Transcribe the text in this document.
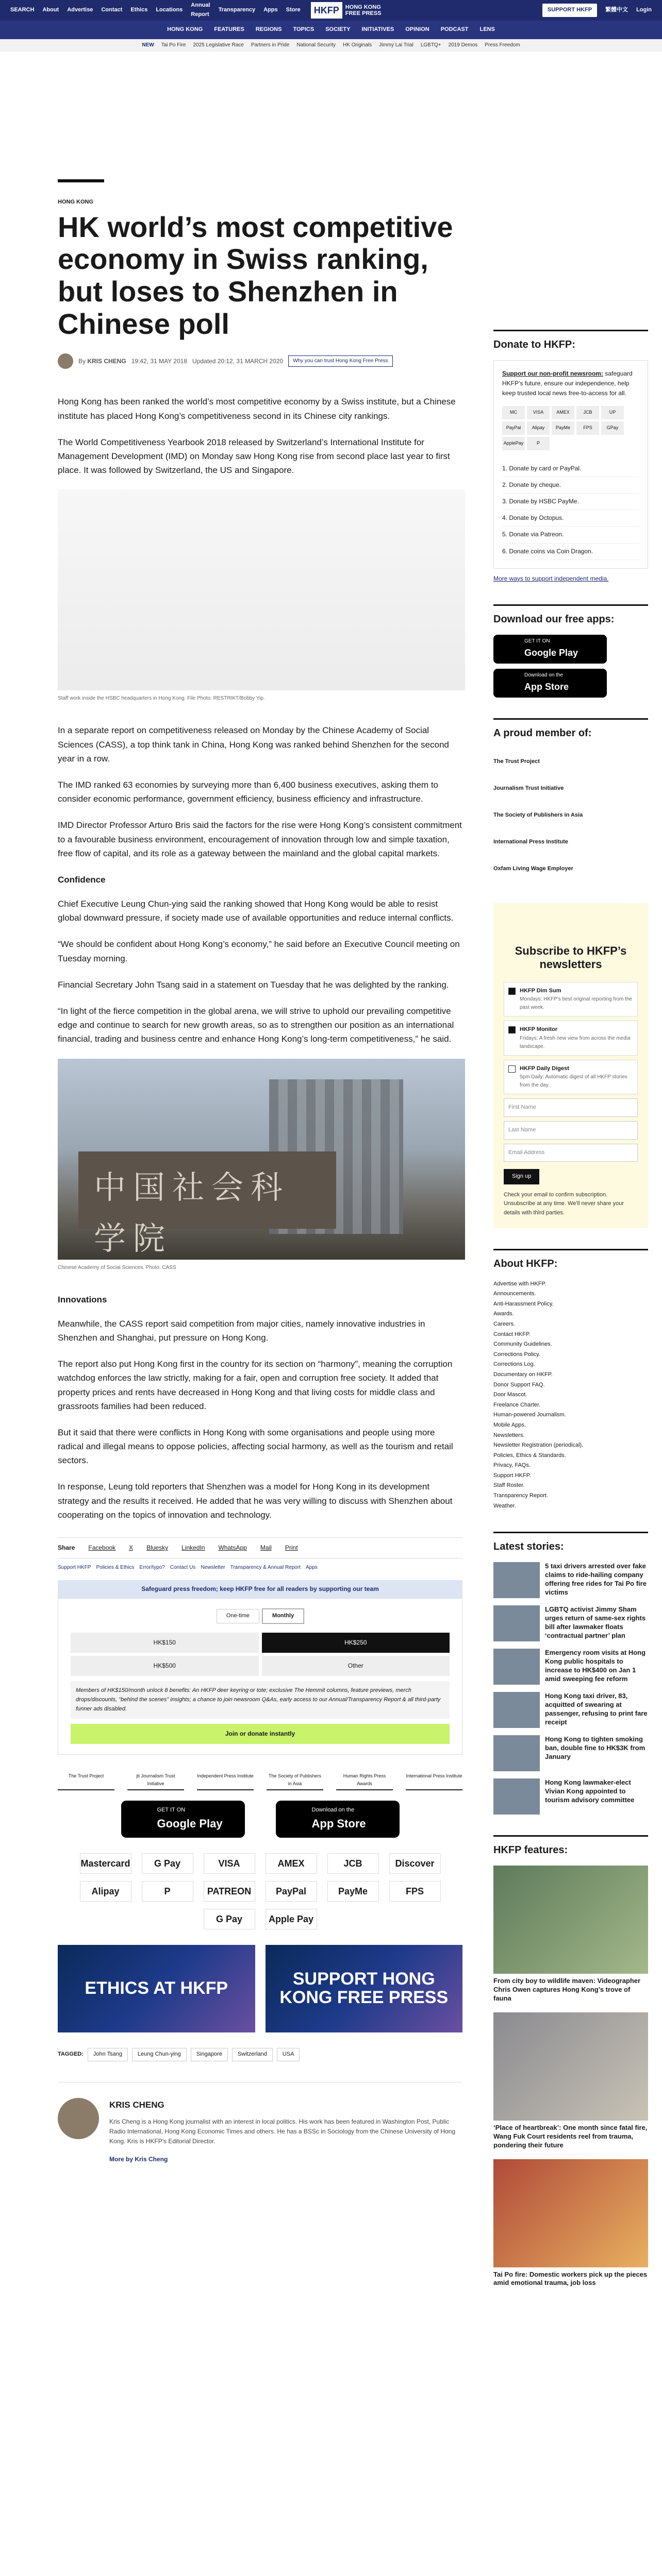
SEARCH About Advertise Contact Ethics Locations
Annual Report
Transparency Apps Store	HKFP	HONG KONG
FREE PRESS
SUPPORT HKFP	繁體中文 Login
HONG KONG FEATURES REGIONS TOPICS SOCIETY INITIATIVES OPINION PODCAST LENS
NEW Tai Po Fire 2025 Legislative Race Partners in Pride National Security HK Originals Jimmy Lai Trial LGBTQ+ 2019 Demos Press Freedom
HONG KONG
HK world’s most competitive economy in Swiss ranking, but loses to Shenzhen in Chinese poll
By KRIS CHENG 19:42, 31 MAY 2018 Updated 20:12, 31 MARCH 2020	Why you can trust Hong Kong Free Press

Hong Kong has been ranked the world’s most competitive economy by a Swiss institute, but a Chinese institute has placed Hong Kong’s competitiveness second in its Chinese city rankings.

The World Competitiveness Yearbook 2018 released by Switzerland’s International Institute for Management Development (IMD) on Monday saw Hong Kong rise from second place last year to first place. It was followed by Switzerland, the US and Singapore.

Staff work inside the HSBC headquarters in Hong Kong. File Photo: RESTRIKT/Bobby Yip.

In a separate report on competitiveness released on Monday by the Chinese Academy of Social Sciences (CASS), a top think tank in China, Hong Kong was ranked behind Shenzhen for the second year in a row.

The IMD ranked 63 economies by surveying more than 6,400 business executives, asking them to consider economic performance, government efficiency, business efficiency and infrastructure.

IMD Director Professor Arturo Bris said the factors for the rise were Hong Kong’s consistent commitment to a favourable business environment, encouragement of innovation through low and simple taxation, free flow of capital, and its role as a gateway between the mainland and the global capital markets.

Confidence

Chief Executive Leung Chun-ying said the ranking showed that Hong Kong would be able to resist global downward pressure, if society made use of available opportunities and reduce internal conflicts.

“We should be confident about Hong Kong’s economy,” he said before an Executive Council meeting on Tuesday morning.

Financial Secretary John Tsang said in a statement on Tuesday that he was delighted by the ranking.

“In light of the fierce competition in the global arena, we will strive to uphold our prevailing competitive edge and continue to search for new growth areas, so as to strengthen our position as an international financial, trading and business centre and enhance Hong Kong’s long-term competitiveness,” he said.

中国社会科学院
Chinese Academy of Social Sciences. Photo: CASS
Innovations

Meanwhile, the CASS report said competition from major cities, namely innovative industries in Shenzhen and Shanghai, put pressure on Hong Kong.

The report also put Hong Kong first in the country for its section on “harmony”, meaning the corruption watchdog enforces the law strictly, making for a fair, open and corruption free society. It added that property prices and rents have decreased in Hong Kong and that living costs for middle class and grassroots families had been reduced.

But it said that there were conflicts in Hong Kong with some organisations and people using more radical and illegal means to oppose policies, affecting social harmony, as well as the tourism and retail sectors.

In response, Leung told reporters that Shenzhen was a model for Hong Kong in its development strategy and the results it received. He added that he was very willing to discuss with Shenzhen about cooperating on the topics of innovation and technology.

Share Facebook X Bluesky LinkedIn WhatsApp Mail Print
Support HKFP Policies & Ethics Error/typo? Contact Us Newsletter Transparency & Annual Report Apps
Safeguard press freedom; keep HKFP free for all readers by supporting our team
One-time	Monthly
HK$150	HK$250
HK$500	Other
Members of HK$150/month unlock 8 benefits: An HKFP deer keyring or tote; exclusive The Hemmit columns, feature previews, merch drops/discounts, "behind the scenes" insights; a chance to join newsroom Q&As, early access to our Annual/Transparency Report & all third-party funner ads disabled.
Join or donate instantly
The Trust Project	jti Journalism Trust Initiative
Independent Press Institute	The Society of Publishers in Asia
Human Rights Press Awards
International Press Institute
GET IT ON
Google Play
Download on the
App Store
Mastercard	G Pay	VISA	AMEX	JCB	Discover
Alipay	P	PATREON	PayPal	PayMe	FPS
G Pay	Apple Pay
ETHICS AT HKFP	SUPPORT HONG KONG FREE PRESS
TAGGED:	John Tsang	Leung Chun-ying	Singapore	Switzerland	USA
KRIS CHENG

Kris Cheng is a Hong Kong journalist with an interest in local politics. His work has been featured in Washington Post, Public Radio International, Hong Kong Economic Times and others. He has a BSSc in Sociology from the Chinese University of Hong Kong. Kris is HKFP's Editorial Director.

More by Kris Cheng
Donate to HKFP:
Support our non-profit newsroom: safeguard HKFP’s future, ensure our independence, help keep trusted local news free-to-access for all.
MC	VISA	AMEX	JCB	UP
PayPal	Alipay	PayMe	FPS	GPay
ApplePay	P
1. Donate by card or PayPal.
2. Donate by cheque.
3. Donate by HSBC PayMe.
4. Donate by Octopus.
5. Donate via Patreon.
6. Donate coins via Coin Dragon.
More ways to support independent media.
Download our free apps:
GET IT ON
Google Play
Download on the
App Store
A proud member of:
The Trust Project
Journalism Trust Initiative
The Society of Publishers in Asia
International Press Institute
Oxfam Living Wage Employer
Subscribe to HKFP’s newsletters
HKFP Dim Sum
Mondays: HKFP's best original reporting from the past week.
HKFP Monitor
Fridays: A fresh new view from across the media landscape.
HKFP Daily Digest
5pm Daily: Automatic digest of all HKFP stories from the day.
First Name
Last Name
Email Address
Sign up
Check your email to confirm subscription. Unsubscribe at any time. We'll never share your details with third parties.
About HKFP:
Advertise with HKFP.
Announcements.
Anti-Harassment Policy.
Awards.
Careers.
Contact HKFP.
Community Guidelines.
Corrections Policy.
Corrections Log.
Documentary on HKFP.
Donor Support FAQ.
Door Mascot.
Freelance Charter.
Human-powered Journalism.
Mobile Apps.
Newsletters.
Newsletter Registration (periodical).
Policies, Ethics & Standards.
Privacy, FAQs.
Support HKFP.
Staff Roster.
Transparency Report.
Weather.
Latest stories:
5 taxi drivers arrested over fake claims to ride-hailing company offering free rides for Tai Po fire victims
LGBTQ activist Jimmy Sham urges return of same-sex rights bill after lawmaker floats ‘contractual partner’ plan
Emergency room visits at Hong Kong public hospitals to increase to HK$400 on Jan 1 amid sweeping fee reform
Hong Kong taxi driver, 83, acquitted of swearing at passenger, refusing to print fare receipt
Hong Kong to tighten smoking ban, double fine to HK$3K from January
Hong Kong lawmaker-elect Vivian Kong appointed to tourism advisory committee
HKFP features:
From city boy to wildlife maven: Videographer Chris Owen captures Hong Kong’s trove of fauna
‘Place of heartbreak’: One month since fatal fire, Wang Fuk Court residents reel from trauma, pondering their future
Tai Po fire: Domestic workers pick up the pieces amid emotional trauma, job loss
